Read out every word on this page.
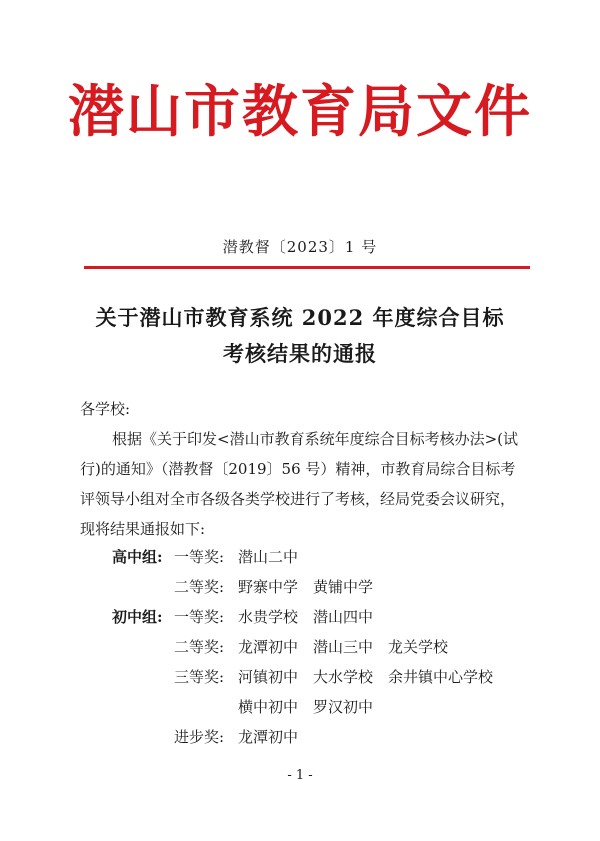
潜山市教育局文件
潜教督〔2023〕1 号
关于潜山市教育系统 2022 年度综合目标
考核结果的通报
各学校:
根据《关于印发<潜山市教育系统年度综合目标考核办法>(试
行)的通知》（潜教督〔2019〕56 号）精神，市教育局综合目标考
评领导小组对全市各级各类学校进行了考核，经局党委会议研究，
现将结果通报如下:
高中组: 一等奖: 潜山二中
二等奖: 野寨中学　黄铺中学
初中组: 一等奖: 水贵学校　潜山四中
二等奖: 龙潭初中　潜山三中　龙关学校
三等奖: 河镇初中　大水学校　余井镇中心学校
横中初中　罗汉初中
进步奖: 龙潭初中
- 1 -
